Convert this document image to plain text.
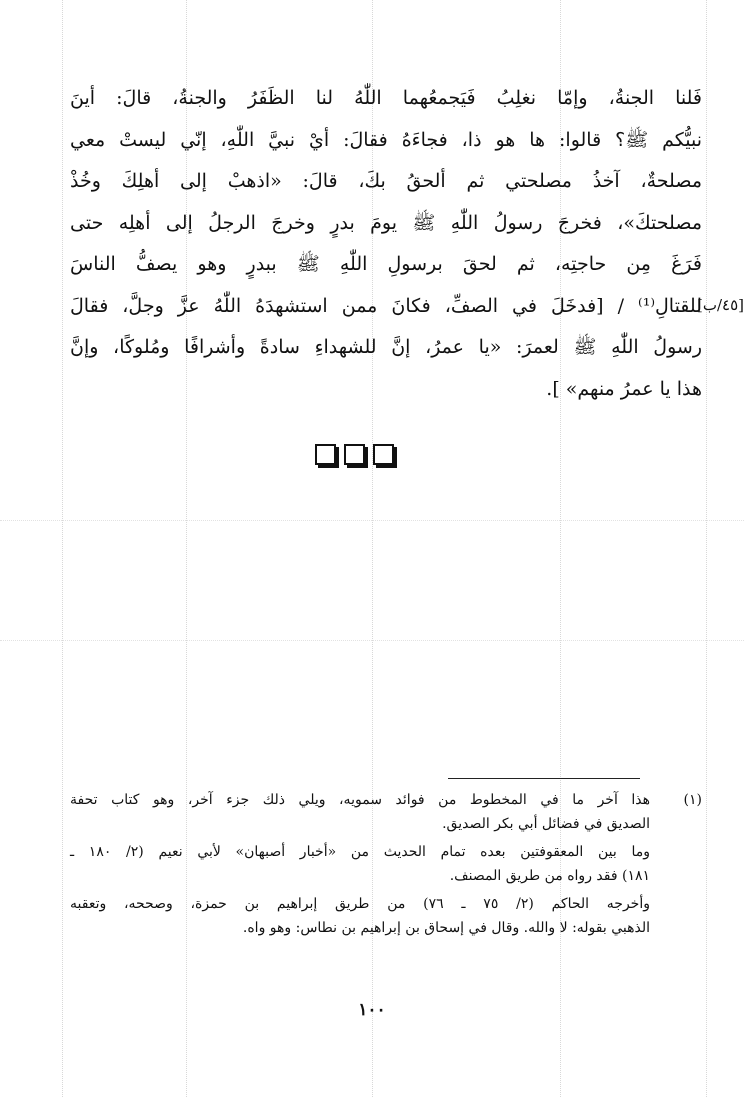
فَلنا الجنةُ، وإمّا نغلِبُ فَيَجمعُهما اللّٰهُ لنا الظَفَرُ والجنةُ، قالَ: أينَ
نبيُّكم ﷺ؟ قالوا: ها هو ذا، فجاءَهُ فقالَ: أيْ نبيَّ اللّٰهِ، إنّي ليستْ معي
مصلحةٌ، آخذُ مصلحتي ثم ألحقُ بكَ، قالَ: «اذهبْ إلى أهلِكَ وخُذْ
مصلحتكَ»، فخرجَ رسولُ اللّٰهِ ﷺ يومَ بدرٍ وخرجَ الرجلُ إلى أهلِه حتى
فَرَغَ مِن حاجتِه، ثم لحقَ برسولِ اللّٰهِ ﷺ ببدرٍ وهو يصفُّ الناسَ
للقتالِ⁽¹⁾ / [فدخَلَ في الصفِّ، فكانَ ممن استشهدَهُ اللّٰهُ عزَّ وجلَّ، فقالَ
رسولُ اللّٰهِ ﷺ لعمرَ: «يا عمرُ، إنَّ للشهداءِ سادةً وأشرافًا ومُلوكًا، وإنَّ
هذا يا عمرُ منهم» ].
[٤٥/ب]
(١)
هذا آخر ما في المخطوط من فوائد سمويه، ويلي ذلك جزء آخر، وهو كتاب تحفة
الصديق في فضائل أبي بكر الصديق.
وما بين المعقوفتين بعده تمام الحديث من «أخبار أصبهان» لأبي نعيم (٢/ ١٨٠ ـ
١٨١) فقد رواه من طريق المصنف.
وأخرجه الحاكم (٢/ ٧٥ ـ ٧٦) من طريق إبراهيم بن حمزة، وصححه، وتعقبه
الذهبي بقوله: لا والله. وقال في إسحاق بن إبراهيم بن نطاس: وهو واه.
١٠٠
